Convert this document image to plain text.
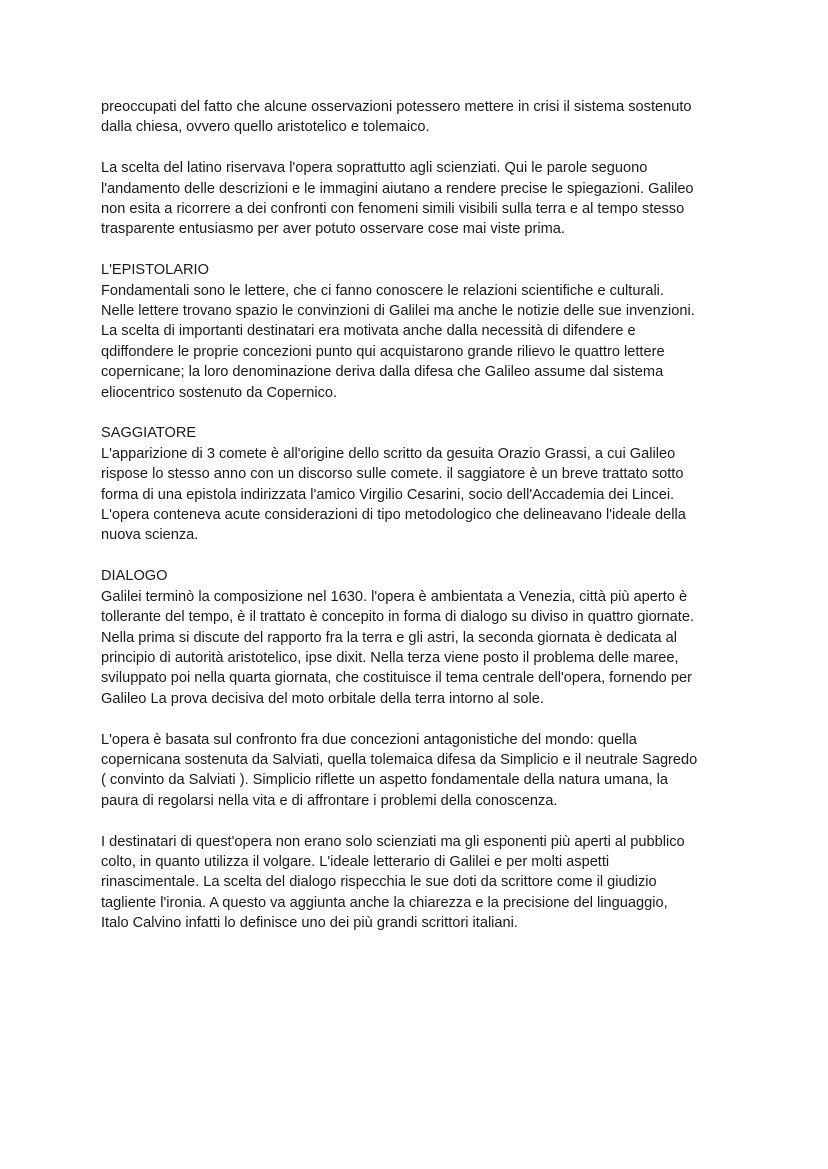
preoccupati del fatto che alcune osservazioni potessero mettere in crisi il sistema sostenuto
dalla chiesa, ovvero quello aristotelico e tolemaico.
La scelta del latino riservava l'opera soprattutto agli scienziati. Qui le parole seguono
l'andamento delle descrizioni e le immagini aiutano a rendere precise le spiegazioni. Galileo
non esita a ricorrere a dei confronti con fenomeni simili visibili sulla terra e al tempo stesso
trasparente entusiasmo per aver potuto osservare cose mai viste prima.
L'EPISTOLARIO
Fondamentali sono le lettere, che ci fanno conoscere le relazioni scientifiche e culturali.
Nelle lettere trovano spazio le convinzioni di Galilei ma anche le notizie delle sue invenzioni.
La scelta di importanti destinatari era motivata anche dalla necessità di difendere e
qdiffondere le proprie concezioni punto qui acquistarono grande rilievo le quattro lettere
copernicane; la loro denominazione deriva dalla difesa che Galileo assume dal sistema
eliocentrico sostenuto da Copernico.
SAGGIATORE
L'apparizione di 3 comete è all'origine dello scritto da gesuita Orazio Grassi, a cui Galileo
rispose lo stesso anno con un discorso sulle comete. il saggiatore è un breve trattato sotto
forma di una epistola indirizzata l'amico Virgilio Cesarini, socio dell'Accademia dei Lincei.
L'opera conteneva acute considerazioni di tipo metodologico che delineavano l'ideale della
nuova scienza.
DIALOGO
Galilei terminò la composizione nel 1630. l'opera è ambientata a Venezia, città più aperto è
tollerante del tempo, è il trattato è concepito in forma di dialogo su diviso in quattro giornate.
Nella prima si discute del rapporto fra la terra e gli astri, la seconda giornata è dedicata al
principio di autorità aristotelico, ipse dixit. Nella terza viene posto il problema delle maree,
sviluppato poi nella quarta giornata, che costituisce il tema centrale dell'opera, fornendo per
Galileo La prova decisiva del moto orbitale della terra intorno al sole.
L'opera è basata sul confronto fra due concezioni antagonistiche del mondo: quella
copernicana sostenuta da Salviati, quella tolemaica difesa da Simplicio e il neutrale Sagredo
( convinto da Salviati ). Simplicio riflette un aspetto fondamentale della natura umana, la
paura di regolarsi nella vita e di affrontare i problemi della conoscenza.
I destinatari di quest'opera non erano solo scienziati ma gli esponenti più aperti al pubblico
colto, in quanto utilizza il volgare. L'ideale letterario di Galilei e per molti aspetti
rinascimentale. La scelta del dialogo rispecchia le sue doti da scrittore come il giudizio
tagliente l'ironia. A questo va aggiunta anche la chiarezza e la precisione del linguaggio,
Italo Calvino infatti lo definisce uno dei più grandi scrittori italiani.
